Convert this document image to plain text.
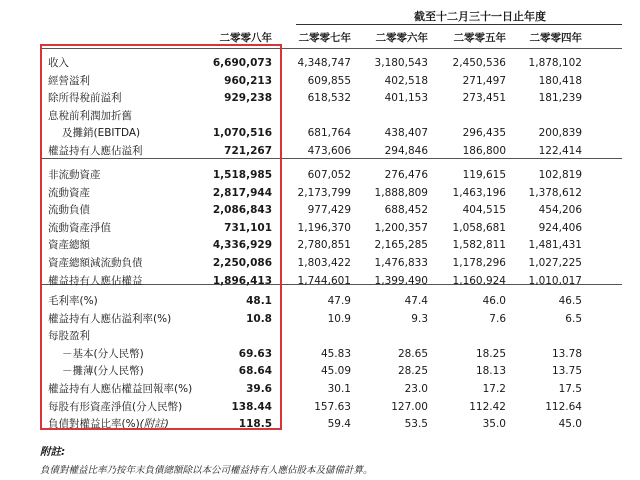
截至十二月三十一日止年度
二零零八年	二零零七年	二零零六年	二零零五年	二零零四年
收入	6,690,073	4,348,747	3,180,543	2,450,536	1,878,102
經營溢利	960,213	609,855	402,518	271,497	180,418
除所得稅前溢利	929,238	618,532	401,153	273,451	181,239
息稅前利潤加折舊
及攤銷(EBITDA)	1,070,516	681,764	438,407	296,435	200,839
權益持有人應佔溢利	721,267	473,606	294,846	186,800	122,414
非流動資產	1,518,985	607,052	276,476	119,615	102,819
流動資產	2,817,944	2,173,799	1,888,809	1,463,196	1,378,612
流動負債	2,086,843	977,429	688,452	404,515	454,206
流動資產淨值	731,101	1,196,370	1,200,357	1,058,681	924,406
資產總額	4,336,929	2,780,851	2,165,285	1,582,811	1,481,431
資產總額減流動負債	2,250,086	1,803,422	1,476,833	1,178,296	1,027,225
權益持有人應佔權益	1,896,413	1,744,601	1,399,490	1,160,924	1,010,017
毛利率(%)	48.1	47.9	47.4	46.0	46.5
權益持有人應佔溢利率(%)	10.8	10.9	9.3	7.6	6.5
每股盈利
－基本(分人民幣)	69.63	45.83	28.65	18.25	13.78
－攤薄(分人民幣)	68.64	45.09	28.25	18.13	13.75
權益持有人應佔權益回報率(%)	39.6	30.1	23.0	17.2	17.5
每股有形資產淨值(分人民幣)	138.44	157.63	127.00	112.42	112.64
負債對權益比率(%)(附註)	118.5	59.4	53.5	35.0	45.0
附註:
負債對權益比率乃按年末負債總額除以本公司權益持有人應佔股本及儲備計算。
